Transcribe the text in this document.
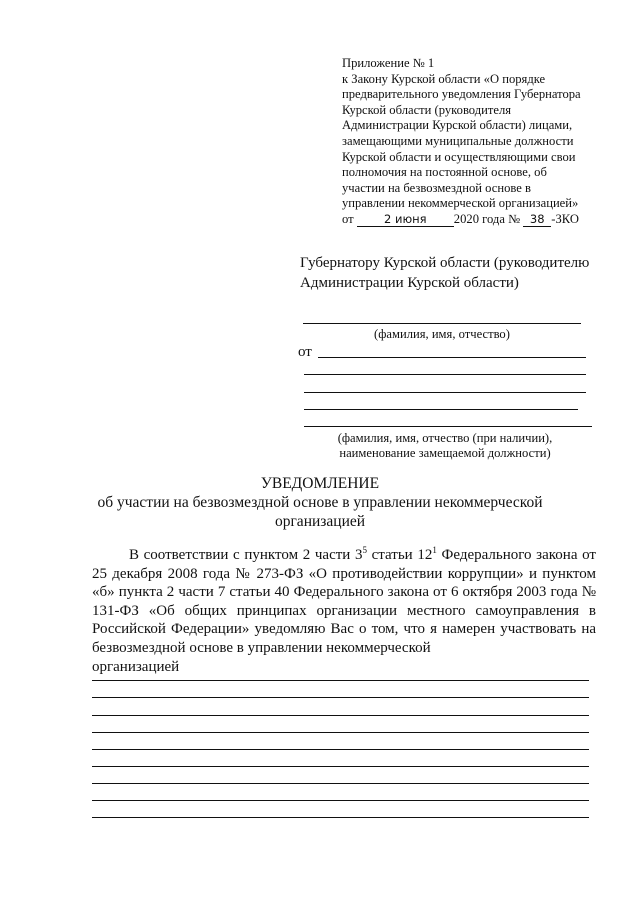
Приложение № 1
к Закону Курской области «О порядке
предварительного уведомления Губернатора
Курской области (руководителя
Администрации Курской области) лицами,
замещающими муниципальные должности
Курской области и осуществляющими свои
полномочия на постоянной основе, об
участии на безвозмездной основе в
управлении некоммерческой организацией»
от	2 июня 2020 года № 38 -ЗКО
Губернатору Курской области (руководителю
Администрации Курской области)
(фамилия, имя, отчество)
от
(фамилия, имя, отчество (при наличии),
наименование замещаемой должности)
УВЕДОМЛЕНИЕ
об участии на безвозмездной основе в управлении некоммерческой
организацией
В соответствии с пунктом 2 части $3^5$ статьи $12^1$ Федерального закона от 25 декабря 2008 года № 273-ФЗ «О противодействии коррупции» и пунктом «б» пункта 2 части 7 статьи 40 Федерального закона от 6 октября 2003 года № 131-ФЗ «Об общих принципах организации местного самоуправления в Российской Федерации» уведомляю Вас о том, что я намерен участвовать на безвозмездной основе в управлении некоммерческой
организацией
